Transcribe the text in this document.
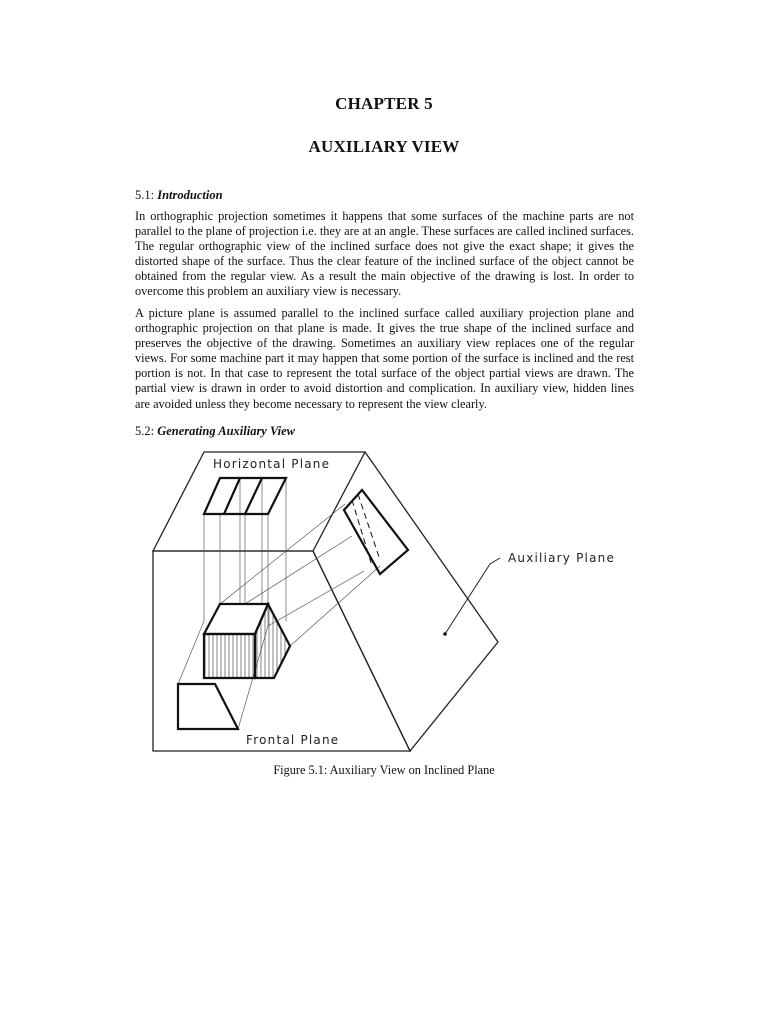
CHAPTER 5
AUXILIARY VIEW
5.1: Introduction

In orthographic projection sometimes it happens that some surfaces of the machine parts are not parallel to the plane of projection i.e. they are at an angle. These surfaces are called inclined surfaces. The regular orthographic view of the inclined surface does not give the exact shape; it gives the distorted shape of the surface. Thus the clear feature of the inclined surface of the object cannot be obtained from the regular view. As a result the main objective of the drawing is lost. In order to overcome this problem an auxiliary view is necessary.

A picture plane is assumed parallel to the inclined surface called auxiliary projection plane and orthographic projection on that plane is made. It gives the true shape of the inclined surface and preserves the objective of the drawing. Sometimes an auxiliary view replaces one of the regular views. For some machine part it may happen that some portion of the surface is inclined and the rest portion is not. In that case to represent the total surface of the object partial views are drawn. The partial view is drawn in order to avoid distortion and complication. In auxiliary view, hidden lines are avoided unless they become necessary to represent the view clearly.

5.2: Generating Auxiliary View
Horizontal Plane
Auxiliary Plane
Frontal Plane
Figure 5.1: Auxiliary View on Inclined Plane
